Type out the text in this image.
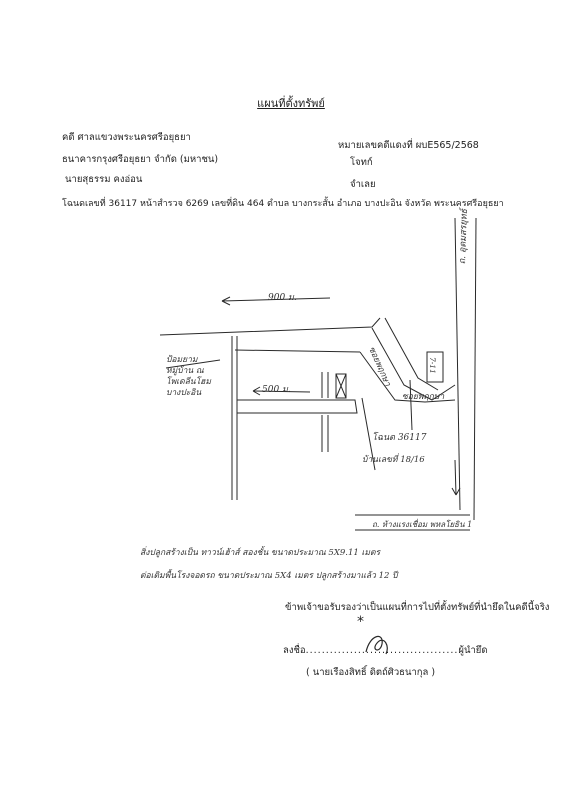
แผนที่ตั้งทรัพย์
คดี ศาลแขวงพระนครศรีอยุธยา
หมายเลขคดีแดงที่ ผบE565/2568
ธนาคารกรุงศรีอยุธยา จำกัด (มหาชน)	โจทก์
นายสุธรรม คงอ่อน	จำเลย
โฉนดเลขที่ 36117 หน้าสำรวจ 6269 เลขที่ดิน 464 ตำบล บางกระสั้น อำเภอ บางปะอิน จังหวัด พระนครศรีอยุธยา
ถ. อุดมสรยุทธ์
900 ม.
ป้อมยาม
หมู่บ้าน ณ
โพเดลีนโฮม
บางปะอิน	500 ม.
ซอยพฤกษา	7-11
ซอยพฤกษา
โฉนด 36117
บ้านเลขที่ 18/16
ถ. ห้างแรงเชื่อม พหลโยธิน 1
สิ่งปลูกสร้างเป็น ทาวน์เฮ้าส์ สองชั้น ขนาดประมาณ 5X9.11 เมตร
ต่อเติมพื้นโรงจอดรถ ขนาดประมาณ 5X4 เมตร ปลูกสร้างมาแล้ว 12 ปี
ข้าพเจ้าขอรับรองว่าเป็นแผนที่การไปที่ตั้งทรัพย์ที่นำยึดในคดีนี้จริง
*
ลงชื่อ......................................ผู้นำยึด
( นายเรืองสิทธิ์ ดิตถ์ศิวธนากุล )
